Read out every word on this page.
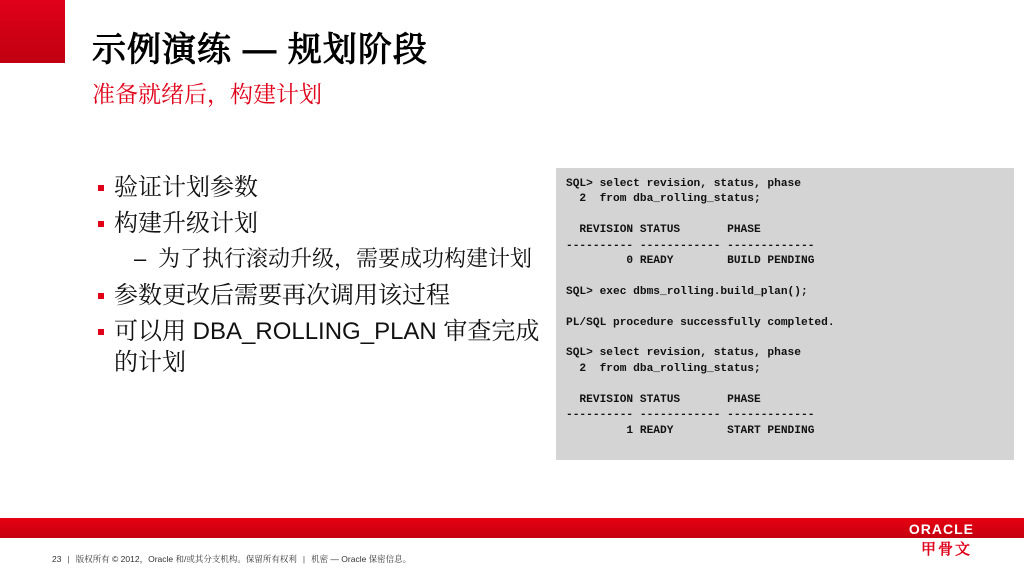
示例演练 — 规划阶段
准备就绪后，构建计划
验证计划参数
构建升级计划
– 为了执行滚动升级，需要成功构建计划
参数更改后需要再次调用该过程
可以用 DBA_ROLLING_PLAN 审查完成的计划
SQL> select revision, status, phase
2  from dba_rolling_status;

REVISION STATUS       PHASE
---------- ------------ -------------
0 READY        BUILD PENDING

SQL> exec dbms_rolling.build_plan();

PL/SQL procedure successfully completed.

SQL> select revision, status, phase
2  from dba_rolling_status;

REVISION STATUS       PHASE
---------- ------------ -------------
1 READY        START PENDING
ORACLE
甲骨文
23 | 版权所有 © 2012，Oracle 和/或其分支机构。保留所有权利 | 机密 — Oracle 保密信息。
